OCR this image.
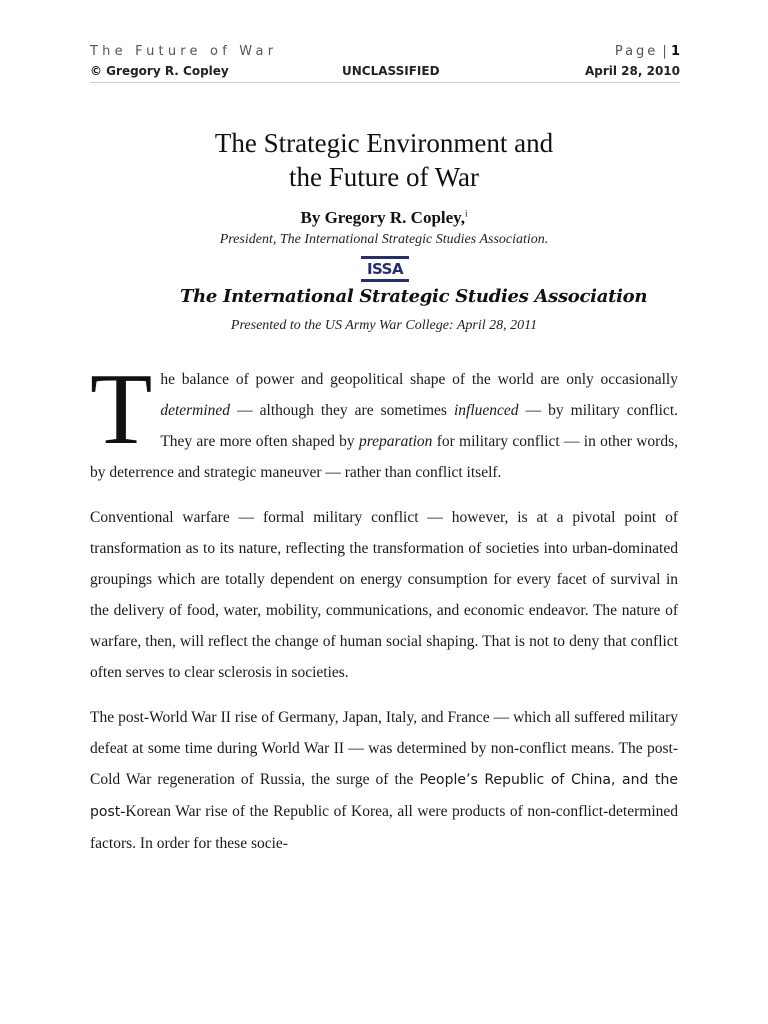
The Future of War	Page | 1
© Gregory R. Copley	UNCLASSIFIED	April 28, 2010
The Strategic Environment and
the Future of War
By Gregory R. Copley,$^i$
President, The International Strategic Studies Association.
ISSA
The International Strategic Studies Association
Presented to the US Army War College: April 28, 2011

The balance of power and geopolitical shape of the world are only occasionally determined — although they are sometimes influenced — by military conflict. They are more often shaped by preparation for military conflict — in other words, by deterrence and strategic maneuver — rather than conflict itself.

Conventional warfare — formal military conflict — however, is at a pivotal point of transformation as to its nature, reflecting the transformation of societies into urban-dominated groupings which are totally dependent on energy consumption for every facet of survival in the delivery of food, water, mobility, communications, and economic endeavor. The nature of warfare, then, will reflect the change of human social shaping. That is not to deny that conflict often serves to clear sclerosis in societies.

The post-World War II rise of Germany, Japan, Italy, and France — which all suffered military defeat at some time during World War II — was determined by non-conflict means. The post-Cold War regeneration of Russia, the surge of the People’s Republic of China, and the post-Korean War rise of the Republic of Korea, all were products of non-conflict-determined factors. In order for these socie-
